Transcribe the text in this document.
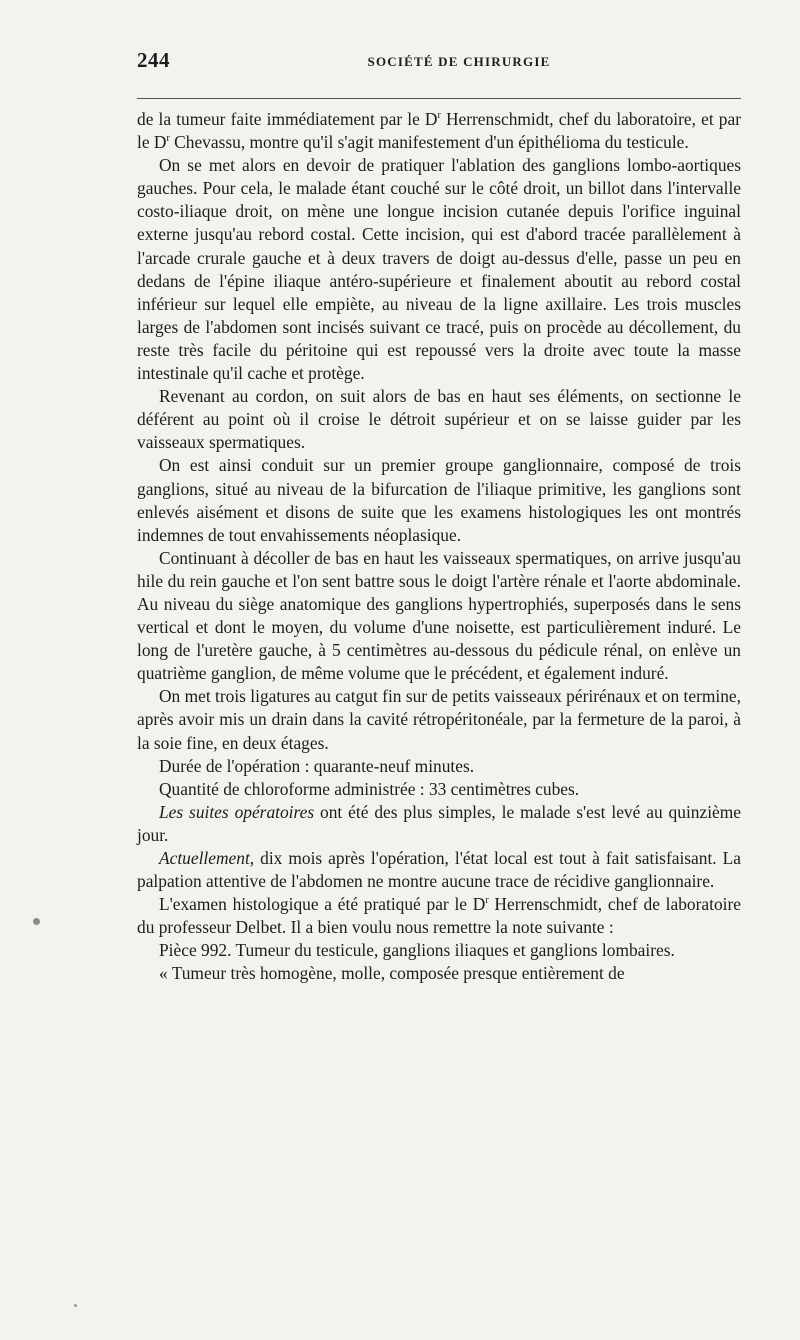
244	SOCIÉTÉ DE CHIRURGIE

de la tumeur faite immédiatement par le $D^r$ Herrenschmidt, chef du laboratoire, et par le $D^r$ Chevassu, montre qu'il s'agit manifestement d'un épithélioma du testicule.

On se met alors en devoir de pratiquer l'ablation des ganglions lombo-aortiques gauches. Pour cela, le malade étant couché sur le côté droit, un billot dans l'intervalle costo-iliaque droit, on mène une longue incision cutanée depuis l'orifice inguinal externe jusqu'au rebord costal. Cette incision, qui est d'abord tracée parallèlement à l'arcade crurale gauche et à deux travers de doigt au-dessus d'elle, passe un peu en dedans de l'épine iliaque antéro-supérieure et finalement aboutit au rebord costal inférieur sur lequel elle empiète, au niveau de la ligne axillaire. Les trois muscles larges de l'abdomen sont incisés suivant ce tracé, puis on procède au décollement, du reste très facile du péritoine qui est repoussé vers la droite avec toute la masse intestinale qu'il cache et protège.

Revenant au cordon, on suit alors de bas en haut ses éléments, on sectionne le déférent au point où il croise le détroit supérieur et on se laisse guider par les vaisseaux spermatiques.

On est ainsi conduit sur un premier groupe ganglionnaire, composé de trois ganglions, situé au niveau de la bifurcation de l'iliaque primitive, les ganglions sont enlevés aisément et disons de suite que les examens histologiques les ont montrés indemnes de tout envahissements néoplasique.

Continuant à décoller de bas en haut les vaisseaux spermatiques, on arrive jusqu'au hile du rein gauche et l'on sent battre sous le doigt l'artère rénale et l'aorte abdominale. Au niveau du siège anatomique des ganglions hypertrophiés, superposés dans le sens vertical et dont le moyen, du volume d'une noisette, est particulièrement induré. Le long de l'uretère gauche, à 5 centimètres au-dessous du pédicule rénal, on enlève un quatrième ganglion, de même volume que le précédent, et également induré.

On met trois ligatures au catgut fin sur de petits vaisseaux périrénaux et on termine, après avoir mis un drain dans la cavité rétropéritonéale, par la fermeture de la paroi, à la soie fine, en deux étages.

Durée de l'opération : quarante-neuf minutes.

Quantité de chloroforme administrée : 33 centimètres cubes.

Les suites opératoires ont été des plus simples, le malade s'est levé au quinzième jour.

Actuellement, dix mois après l'opération, l'état local est tout à fait satisfaisant. La palpation attentive de l'abdomen ne montre aucune trace de récidive ganglionnaire.

L'examen histologique a été pratiqué par le $D^r$ Herrenschmidt, chef de laboratoire du professeur Delbet. Il a bien voulu nous remettre la note suivante :

Pièce 992. Tumeur du testicule, ganglions iliaques et ganglions lombaires.

« Tumeur très homogène, molle, composée presque entièrement de
